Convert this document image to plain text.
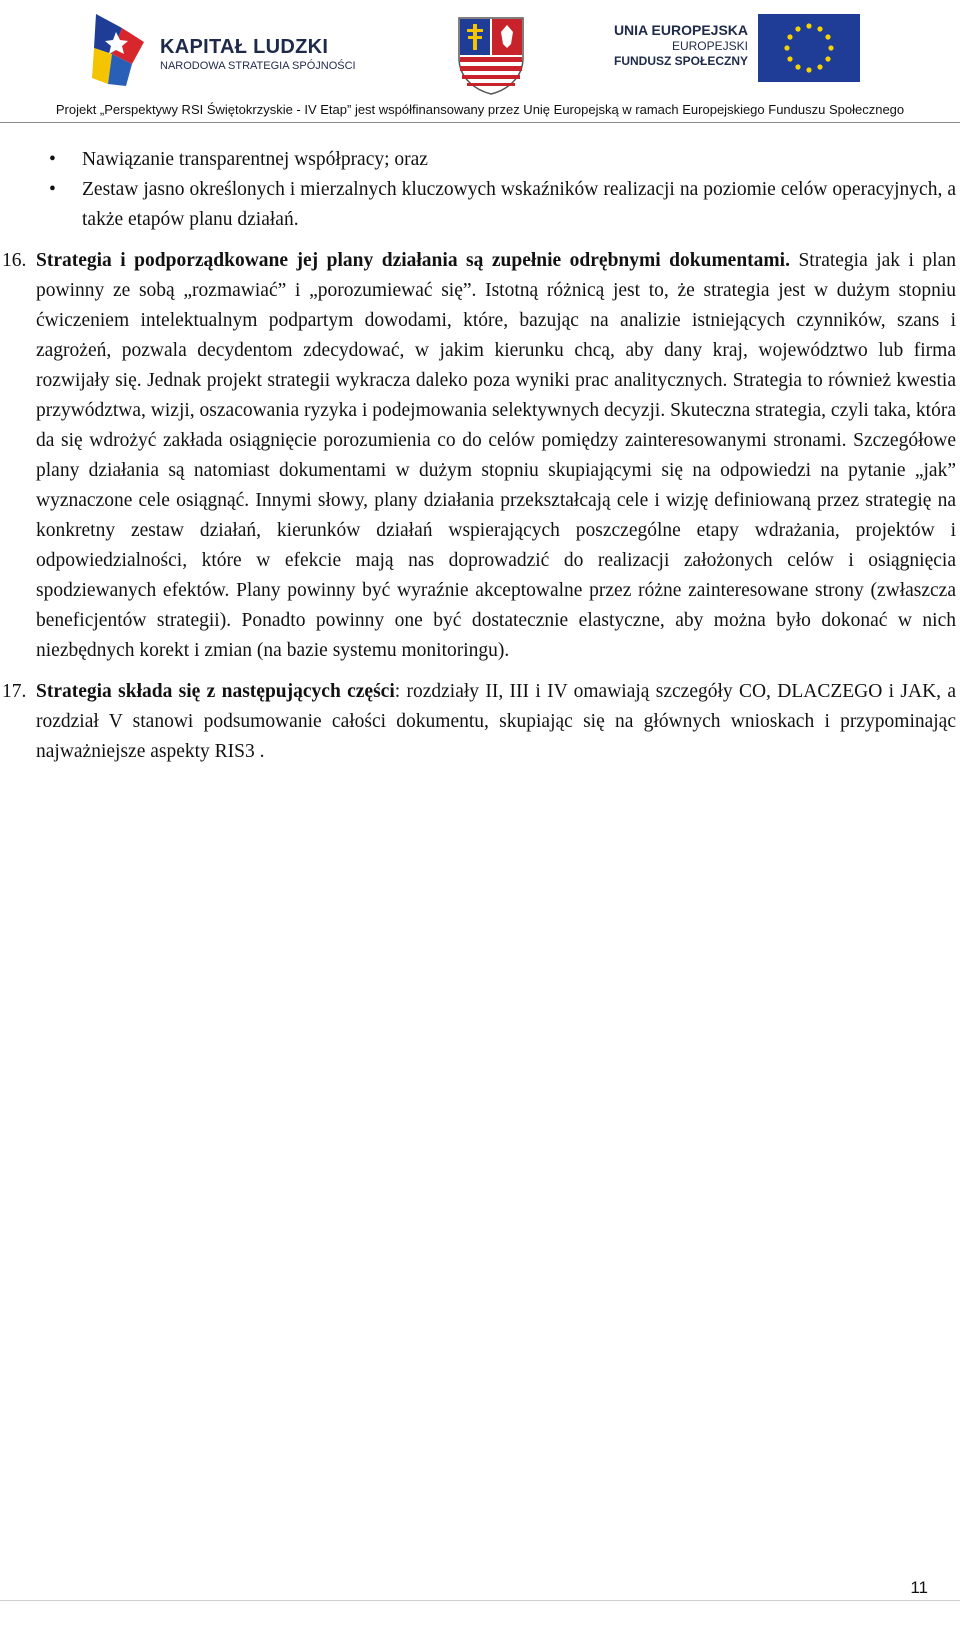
KAPITAŁ LUDZKI
NARODOWA STRATEGIA SPÓJNOŚCI
UNIA EUROPEJSKA
EUROPEJSKI
FUNDUSZ SPOŁECZNY
Projekt „Perspektywy RSI Świętokrzyskie - IV Etap” jest współfinansowany przez Unię Europejską w ramach Europejskiego Funduszu Społecznego
• Nawiązanie transparentnej współpracy; oraz
• Zestaw jasno określonych i mierzalnych kluczowych wskaźników realizacji na poziomie celów operacyjnych, a także etapów planu działań.
16. Strategia i podporządkowane jej plany działania są zupełnie odrębnymi dokumentami. Strategia jak i plan powinny ze sobą „rozmawiać” i „porozumiewać się”. Istotną różnicą jest to, że strategia jest w dużym stopniu ćwiczeniem intelektualnym podpartym dowodami, które, bazując na analizie istniejących czynników, szans i zagrożeń, pozwala decydentom zdecydować, w jakim kierunku chcą, aby dany kraj, województwo lub firma rozwijały się. Jednak projekt strategii wykracza daleko poza wyniki prac analitycznych. Strategia to również kwestia przywództwa, wizji, oszacowania ryzyka i podejmowania selektywnych decyzji. Skuteczna strategia, czyli taka, która da się wdrożyć zakłada osiągnięcie porozumienia co do celów pomiędzy zainteresowanymi stronami. Szczegółowe plany działania są natomiast dokumentami w dużym stopniu skupiającymi się na odpowiedzi na pytanie „jak” wyznaczone cele osiągnąć. Innymi słowy, plany działania przekształcają cele i wizję definiowaną przez strategię na konkretny zestaw działań, kierunków działań wspierających poszczególne etapy wdrażania, projektów i odpowiedzialności, które w efekcie mają nas doprowadzić do realizacji założonych celów i osiągnięcia spodziewanych efektów. Plany powinny być wyraźnie akceptowalne przez różne zainteresowane strony (zwłaszcza beneficjentów strategii). Ponadto powinny one być dostatecznie elastyczne, aby można było dokonać w nich niezbędnych korekt i zmian (na bazie systemu monitoringu).
17. Strategia składa się z następujących części: rozdziały II, III i IV omawiają szczegóły CO, DLACZEGO i JAK, a rozdział V stanowi podsumowanie całości dokumentu, skupiając się na głównych wnioskach i przypominając najważniejsze aspekty RIS3 .
11
